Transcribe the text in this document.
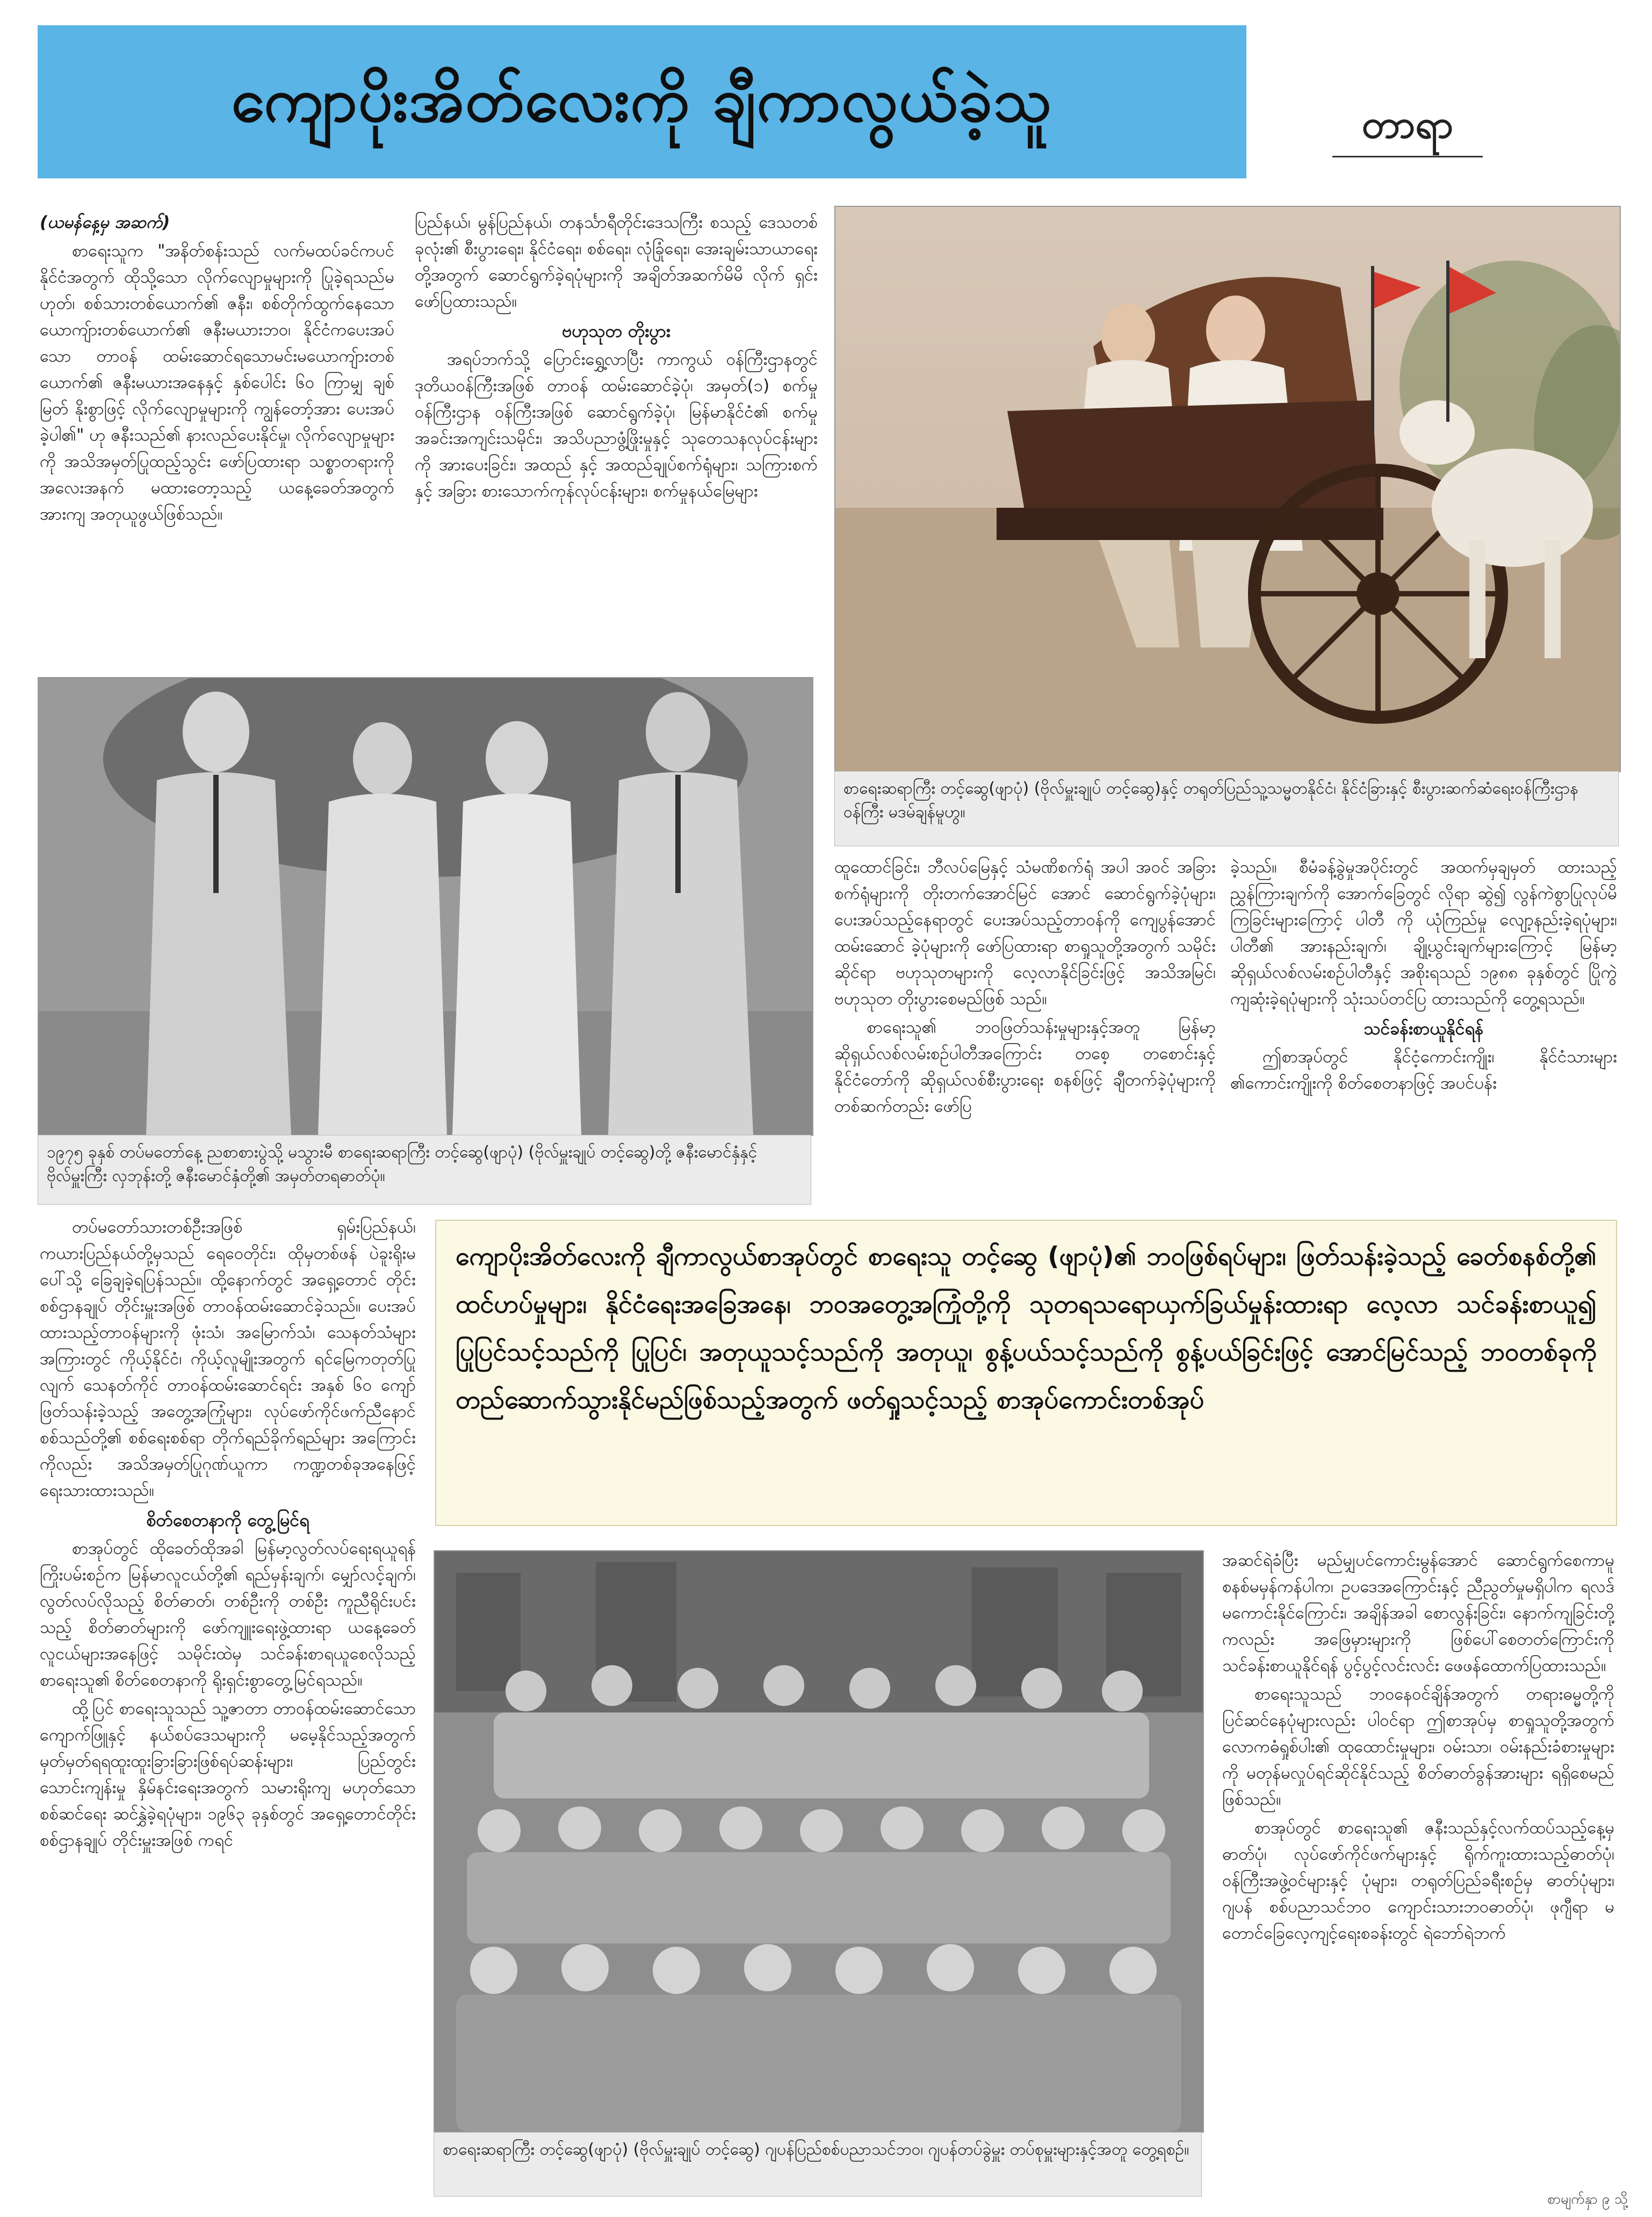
ကျောပိုးအိတ်လေးကို ချီကာလွယ်ခဲ့သူ	တာရာ

(ယမန်နေ့မှ အဆက်)

စာရေးသူက "အနိတ်စန်းသည် လက်မထပ်ခင်ကပင် နိုင်ငံအတွက် ထိုသို့သော လိုက်လျောမှုများကို ပြုခဲ့ရသည်မဟုတ်၊ စစ်သားတစ်ယောက်၏ ဇနီး၊ စစ်တိုက်ထွက်နေသော ယောကျ်ားတစ်ယောက်၏ ဇနီးမယားဘဝ၊ နိုင်ငံကပေးအပ်သော တာဝန် ထမ်းဆောင်ရသောမင်းမယောကျ်ားတစ်ယောက်၏ ဇနီးမယားအနေနှင့် နှစ်ပေါင်း ၆၀ ကြာမျှ ချစ်မြတ် နိုးစွာဖြင့် လိုက်လျောမှုများကို ကျွန်တော့်အား ပေးအပ်ခဲ့ပါ၏" ဟု ဇနီးသည်၏ နားလည်ပေးနိုင်မှု၊ လိုက်လျောမှုများကို အသိအမှတ်ပြုထည့်သွင်း ဖော်ပြထားရာ သစ္စာတရားကို အလေးအနက် မထားတော့သည့် ယနေ့ခေတ်အတွက် အားကျ အတုယူဖွယ်ဖြစ်သည်။

ပြည်နယ်၊ မွန်ပြည်နယ်၊ တနင်္သာရီတိုင်းဒေသကြီး စသည့် ဒေသတစ်ခုလုံး၏ စီးပွားရေး၊ နိုင်ငံရေး၊ စစ်ရေး၊ လုံခြုံရေး၊ အေးချမ်းသာယာရေးတို့အတွက် ဆောင်ရွက်ခဲ့ရပုံများကို အချိတ်အဆက်မိမိ လိုက် ရှင်း ဖော်ပြထားသည်။

ဗဟုသုတ တိုးပွား

အရပ်ဘက်သို့ ပြောင်းရွှေ့လာပြီး ကာကွယ် ဝန်ကြီးဌာနတွင် ဒုတိယဝန်ကြီးအဖြစ် တာဝန် ထမ်းဆောင်ခဲ့ပုံ၊ အမှတ်(၁) စက်မှုဝန်ကြီးဌာန ဝန်ကြီးအဖြစ် ဆောင်ရွက်ခဲ့ပုံ၊ မြန်မာနိုင်ငံ၏ စက်မှု အခင်းအကျင်းသမိုင်း၊ အသိပညာဖွံ့ဖြိုးမှုနှင့် သုတေသနလုပ်ငန်းများကို အားပေးခြင်း၊ အထည် နှင့် အထည်ချုပ်စက်ရုံများ၊ သကြားစက်နှင့် အခြား စားသောက်ကုန်လုပ်ငန်းများ၊ စက်မှုနယ်မြေများ

စာရေးဆရာကြီး တင့်ဆွေ(ဖျာပုံ) (ဗိုလ်မှူးချုပ် တင့်ဆွေ)နှင့် တရုတ်ပြည်သူ့သမ္မတနိုင်ငံ၊ နိုင်ငံခြားနှင့် စီးပွားဆက်ဆံရေးဝန်ကြီးဌာန ဝန်ကြီး မဒမ်ချန်မူဟွ။
၁၉၇၅ ခုနှစ် တပ်မတော်နေ့ ညစာစားပွဲသို့ မသွားမီ စာရေးဆရာကြီး တင့်ဆွေ(ဖျာပုံ) (ဗိုလ်မှူးချုပ် တင့်ဆွေ)တို့ ဇနီးမောင်နှံနှင့် ဗိုလ်မှူးကြီး လှဘုန်းတို့ ဇနီးမောင်နှံတို့၏ အမှတ်တရဓာတ်ပုံ။

ထူထောင်ခြင်း၊ ဘီလပ်မြေနှင့် သံမဏိစက်ရုံ အပါ အဝင် အခြားစက်ရုံများကို တိုးတက်အောင်မြင် အောင် ဆောင်ရွက်ခဲ့ပုံများ၊ ပေးအပ်သည့်နေရာတွင် ပေးအပ်သည့်တာဝန်ကို ကျေပွန်အောင်ထမ်းဆောင် ခဲ့ပုံများကို ဖော်ပြထားရာ စာရှုသူတို့အတွက် သမိုင်း ဆိုင်ရာ ဗဟုသုတများကို လေ့လာနိုင်ခြင်းဖြင့် အသိအမြင်၊ ဗဟုသုတ တိုးပွားစေမည်ဖြစ် သည်။

စာရေးသူ၏ ဘဝဖြတ်သန်းမှုများနှင့်အတူ မြန်မာ့ဆိုရှယ်လစ်လမ်းစဉ်ပါတီအကြောင်း တစေ့ တစောင်းနှင့် နိုင်ငံတော်ကို ဆိုရှယ်လစ်စီးပွားရေး စနစ်ဖြင့် ချီတက်ခဲ့ပုံများကို တစ်ဆက်တည်း ဖော်ပြ

ခဲ့သည်။ စီမံခန့်ခွဲမှုအပိုင်းတွင် အထက်မှချမှတ် ထားသည့် ညွှန်ကြားချက်ကို အောက်ခြေတွင် လိုရာ ဆွဲ၍ လွန်ကဲစွာပြုလုပ်မိကြခြင်းများကြောင့် ပါတီ ကို ယုံကြည်မှု လျော့နည်းခဲ့ရပုံများ၊ ပါတီ၏ အားနည်းချက်၊ ချို့ယွင်းချက်များကြောင့် မြန်မာ့ ဆိုရှယ်လစ်လမ်းစဉ်ပါတီနှင့် အစိုးရသည် ၁၉၈၈ ခုနှစ်တွင် ပြိုကွဲကျဆုံးခဲ့ရပုံများကို သုံးသပ်တင်ပြ ထားသည်ကို တွေ့ရသည်။

သင်ခန်းစာယူနိုင်ရန်

ဤစာအုပ်တွင် နိုင်ငံ့ကောင်းကျိုး၊ နိုင်ငံသားများ ၏ကောင်းကျိုးကို စိတ်စေတနာဖြင့် အပင်ပန်း

တပ်မတော်သားတစ်ဦးအဖြစ် ရှမ်းပြည်နယ်၊ ကယားပြည်နယ်တို့မှသည် ရေဝေတိုင်း၊ ထိုမှတစ်ဖန် ပဲခူးရိုးမပေါ်သို့ ခြေချခဲ့ရပြန်သည်။ ထို့နောက်တွင် အရှေ့တောင် တိုင်းစစ်ဌာနချုပ် တိုင်းမှူးအဖြစ် တာဝန်ထမ်းဆောင်ခဲ့သည်။ ပေးအပ်ထားသည့်တာဝန်များကို ဖုံးသံ၊ အမြောက်သံ၊ သေနတ်သံများအကြားတွင် ကိုယ့်နိုင်ငံ၊ ကိုယ့်လူမျိုးအတွက် ရင်မြေကတုတ်ပြုလျက် သေနတ်ကိုင် တာဝန်ထမ်းဆောင်ရင်း အနှစ် ၆၀ ကျော် ဖြတ်သန်းခဲ့သည့် အတွေ့အကြုံများ၊ လုပ်ဖော်ကိုင်ဖက်ညီနောင် စစ်သည်တို့၏ စစ်ရေးစစ်ရာ တိုက်ရည်ခိုက်ရည်များ အကြောင်းကိုလည်း အသိအမှတ်ပြုဂုဏ်ယူကာ ကဏ္ဍတစ်ခုအနေဖြင့် ရေးသားထားသည်။

စိတ်စေတနာကို တွေ့မြင်ရ

စာအုပ်တွင် ထိုခေတ်ထိုအခါ မြန်မာ့လွတ်လပ်ရေးရယူရန် ကြိုးပမ်းစဉ်က မြန်မာလူငယ်တို့၏ ရည်မှန်းချက်၊ မျှော်လင့်ချက်၊ လွတ်လပ်လိုသည့် စိတ်ဓာတ်၊ တစ်ဦးကို တစ်ဦး ကူညီရိုင်းပင်းသည့် စိတ်ဓာတ်များကို ဖော်ကျူးရေးဖွဲ့ထားရာ ယနေ့ခေတ်လူငယ်များအနေဖြင့် သမိုင်းထဲမှ သင်ခန်းစာရယူစေလိုသည့် စာရေးသူ၏ စိတ်စေတနာကို ရိုးရှင်းစွာတွေ့မြင်ရသည်။

ထို့ပြင် စာရေးသူသည် သူ့ဇာတာ တာဝန်ထမ်းဆောင်သော ကျောက်ဖြူနှင့် နယ်စပ်ဒေသများကို မမေ့နိုင်သည့်အတွက် မှတ်မှတ်ရရထူးထူးခြားခြားဖြစ်ရပ်ဆန်းများ၊ ပြည်တွင်းသောင်းကျန်းမှု နှိမ်နင်းရေးအတွက် သမားရိုးကျ မဟုတ်သော စစ်ဆင်ရေး ဆင်နွှဲခဲ့ရပုံများ၊ ၁၉၆၃ ခုနှစ်တွင် အရှေ့တောင်တိုင်းစစ်ဌာနချုပ် တိုင်းမှူးအဖြစ် ကရင်

ကျောပိုးအိတ်လေးကို ချီကာလွယ်စာအုပ်တွင် စာရေးသူ တင့်ဆွေ (ဖျာပုံ)၏ ဘဝဖြစ်ရပ်များ၊ ဖြတ်သန်းခဲ့သည့် ခေတ်စနစ်တို့၏ ထင်ဟပ်မှုများ၊ နိုင်ငံရေးအခြေအနေ၊ ဘဝအတွေ့အကြုံတို့ကို သုတရသရောယှက်ခြယ်မှုန်းထားရာ လေ့လာ သင်ခန်းစာယူ၍ ပြုပြင်သင့်သည်ကို ပြုပြင်၊ အတုယူသင့်သည်ကို အတုယူ၊ စွန့်ပယ်သင့်သည်ကို စွန့်ပယ်ခြင်းဖြင့် အောင်မြင်သည့် ဘဝတစ်ခုကို တည်ဆောက်သွားနိုင်မည်ဖြစ်သည့်အတွက် ဖတ်ရှုသင့်သည့် စာအုပ်ကောင်းတစ်အုပ်
စာရေးဆရာကြီး တင့်ဆွေ(ဖျာပုံ) (ဗိုလ်မှူးချုပ် တင့်ဆွေ) ဂျပန်ပြည်စစ်ပညာသင်ဘဝ၊ ဂျပန်တပ်ခွဲမှူး တပ်စုမှူးများနှင့်အတူ တွေ့ရစဉ်။

အဆင်ရဲခံပြီး မည်မျှပင်ကောင်းမွန်အောင် ဆောင်ရွက်စေကာမူ စနစ်မမှန်ကန်ပါက၊ ဥပဒေအကြောင်းနှင့် ညီညွတ်မှုမရှိပါက ရလဒ်မကောင်းနိုင်ကြောင်း၊ အချိန်အခါ စောလွန်းခြင်း၊ နောက်ကျခြင်းတို့ကလည်း အဖြေမှားများကို ဖြစ်ပေါ်စေတတ်ကြောင်းကို သင်ခန်းစာယူနိုင်ရန် ပွင့်ပွင့်လင်းလင်း ဖေဖန်ထောက်ပြထားသည်။

စာရေးသူသည် ဘဝနေဝင်ချိန်အတွက် တရားဓမ္မတို့ကို ပြင်ဆင်နေပုံများလည်း ပါဝင်ရာ ဤစာအုပ်မှ စာရှုသူတို့အတွက် လောကဓံရှုစ်ပါး၏ ထုထောင်းမှုများ၊ ဝမ်းသာ၊ ဝမ်းနည်းခံစားမှုများကို မတုန်မလှုပ်ရင်ဆိုင်နိုင်သည့် စိတ်ဓာတ်ခွန်အားများ ရရှိစေမည်ဖြစ်သည်။

စာအုပ်တွင် စာရေးသူ၏ ဇနီးသည်နှင့်လက်ထပ်သည့်နေ့မှ ဓာတ်ပုံ၊ လုပ်ဖော်ကိုင်ဖက်များနှင့် ရိုက်ကူးထားသည့်ဓာတ်ပုံ၊ ဝန်ကြီးအဖွဲ့ဝင်များနှင့် ပုံများ၊ တရုတ်ပြည်ခရီးစဉ်မှ ဓာတ်ပုံများ၊ ဂျပန် စစ်ပညာသင်ဘဝ ကျောင်းသားဘဝဓာတ်ပုံ၊ ဖုဂျီရာ မတောင်ခြေလေ့ကျင့်ရေးစခန်းတွင် ရဲဘော်ရဲဘက်

စာမျက်နှာ ၉ သို့
